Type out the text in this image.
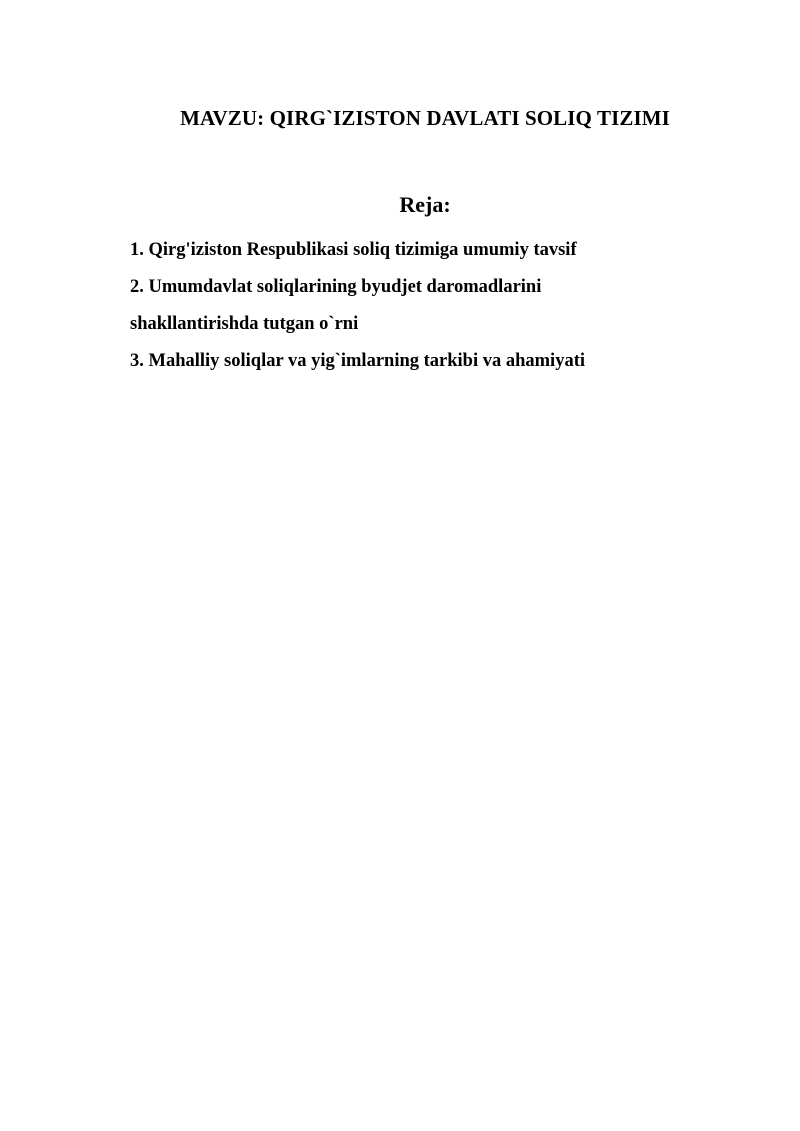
MAVZU: QIRG`IZISTON DAVLATI SOLIQ TIZIMI
Reja:
1. Qirg'iziston Respublikasi soliq tizimiga umumiy tavsif
2. Umumdavlat soliqlarining byudjet daromadlarini
shakllantirishda tutgan o`rni
3. Mahalliy soliqlar va yig`imlarning tarkibi va ahamiyati
